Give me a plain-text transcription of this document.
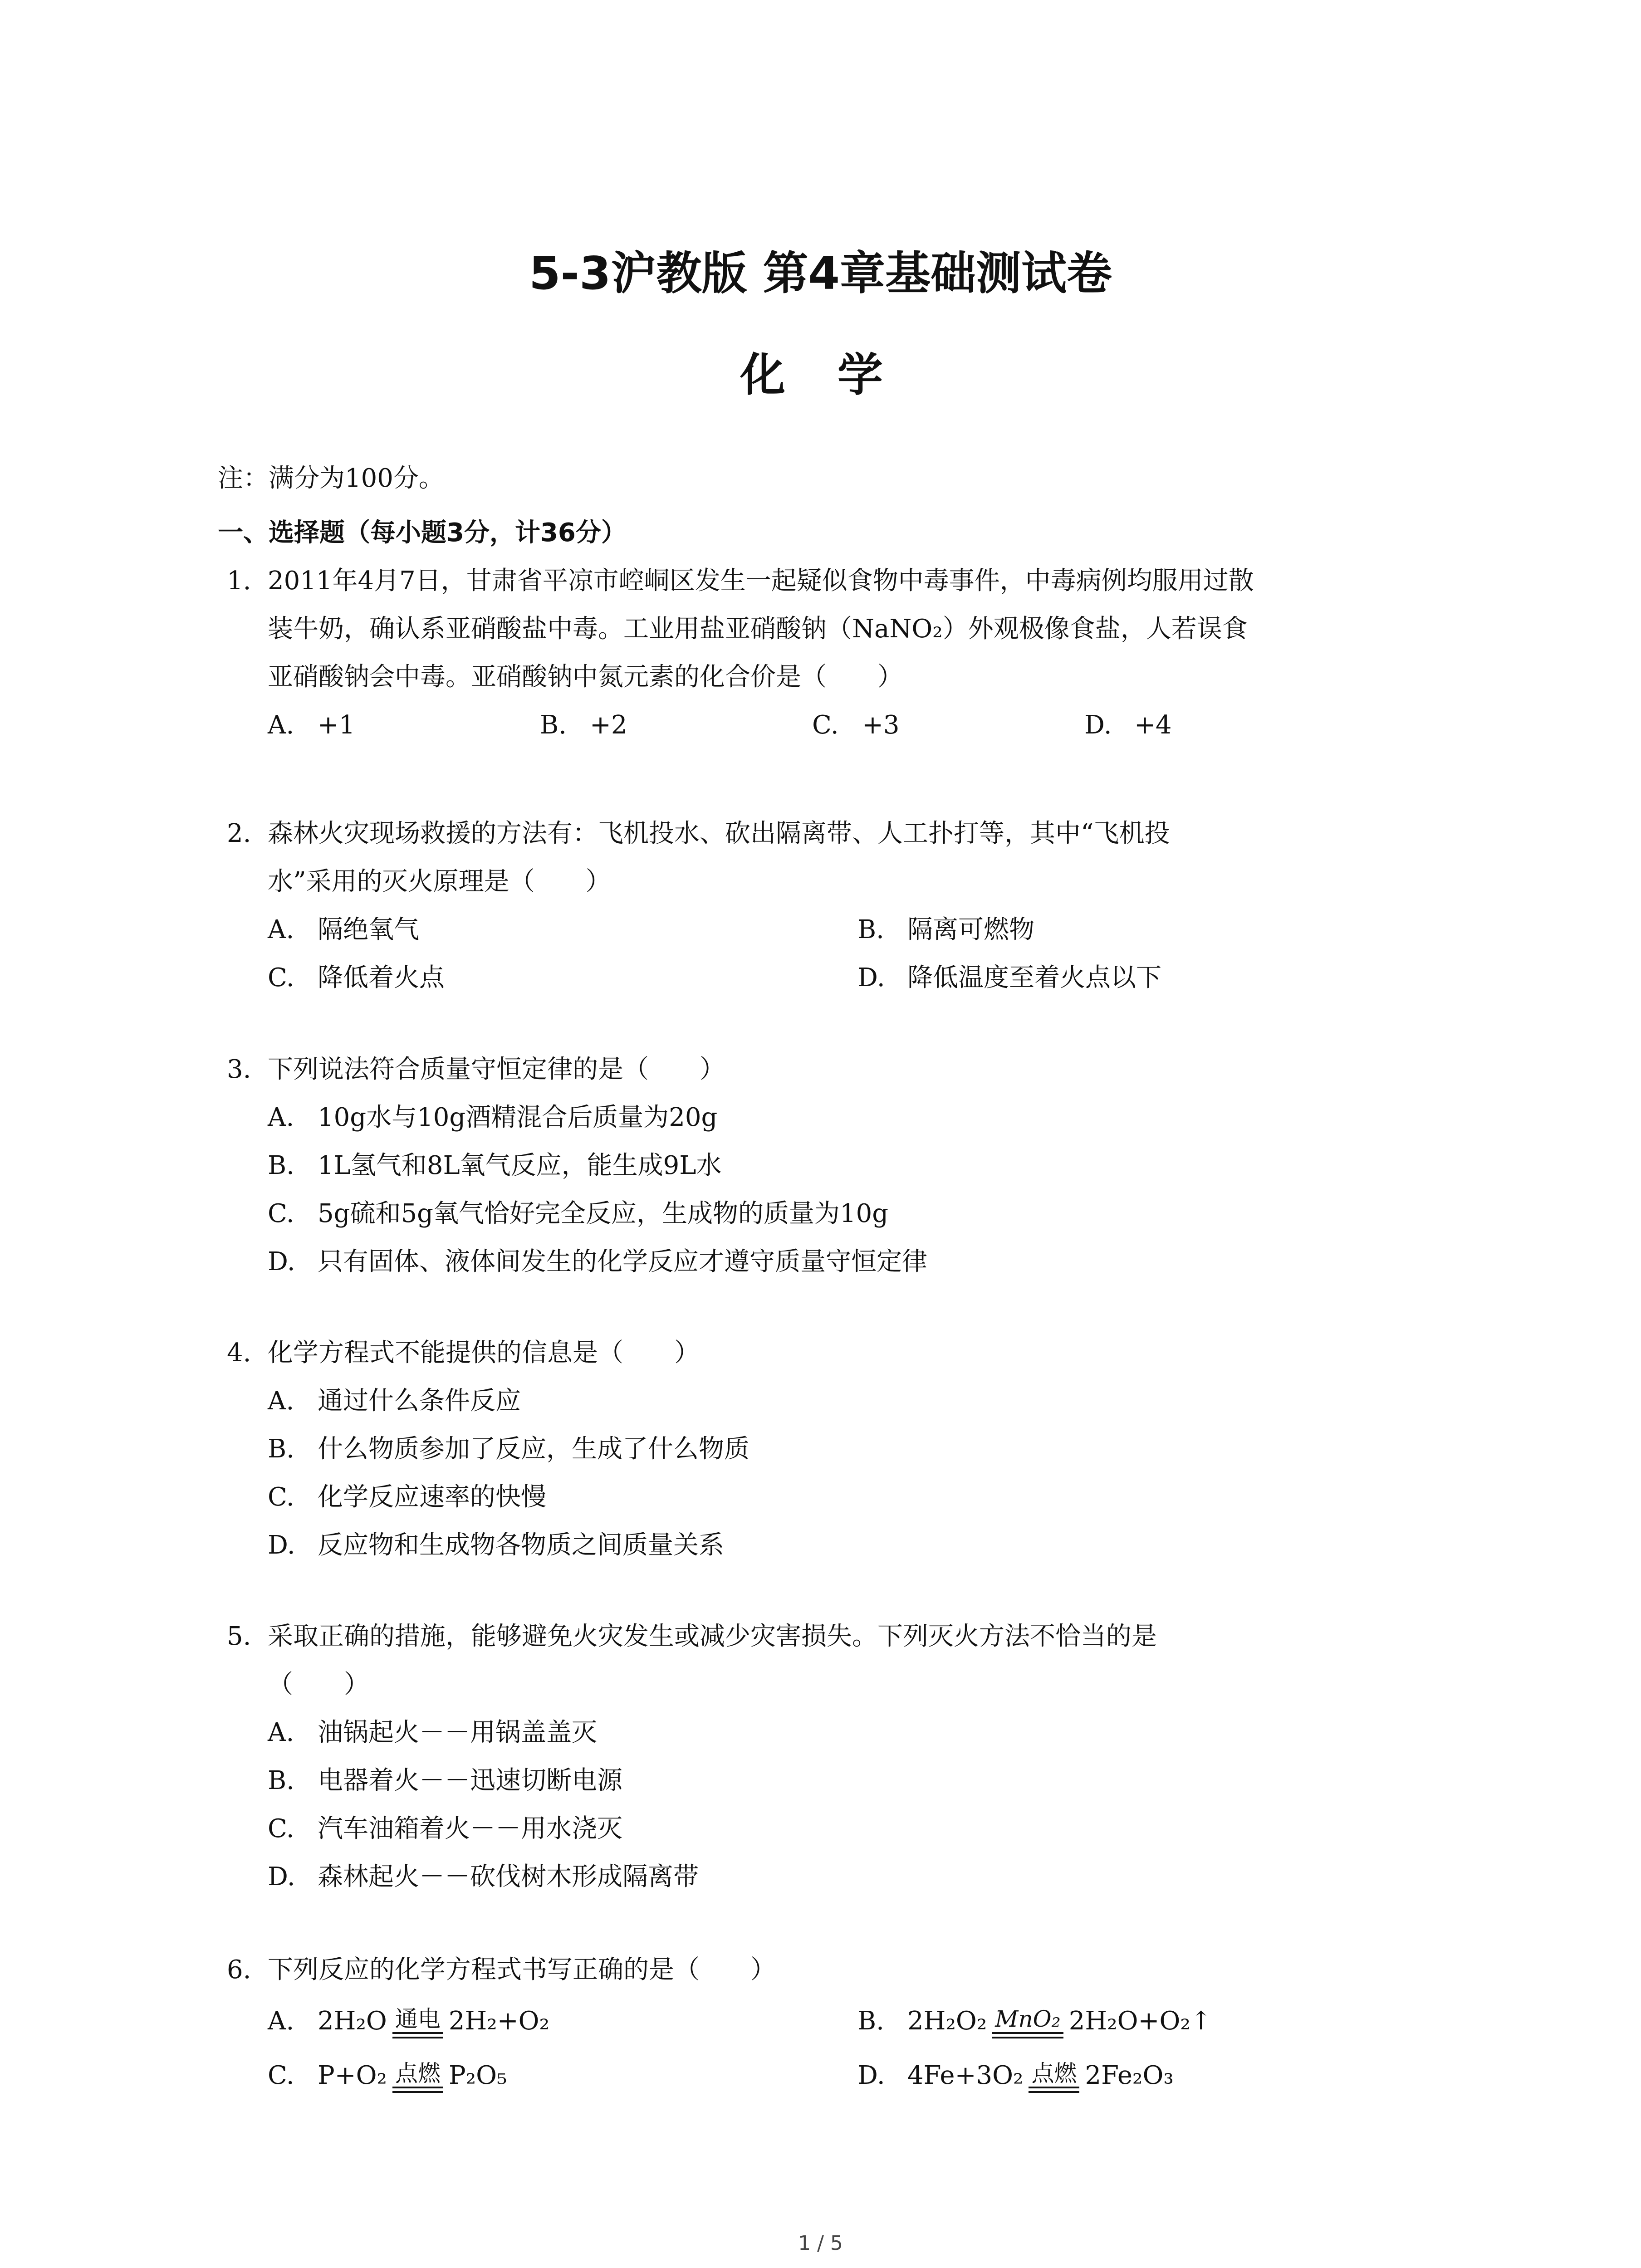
5-3沪教版 第4章基础测试卷
化 学
注：满分为100分。
一、选择题（每小题3分，计36分）
1. 2011年4月7日，甘肃省平凉市崆峒区发生一起疑似食物中毒事件，中毒病例均服用过散
装牛奶，确认系亚硝酸盐中毒。工业用盐亚硝酸钠（NaNO₂）外观极像食盐，人若误食
亚硝酸钠会中毒。亚硝酸钠中氮元素的化合价是（　　）
A. +1	B. +2	C. +3	D. +4
2. 森林火灾现场救援的方法有：飞机投水、砍出隔离带、人工扑打等，其中“飞机投
水”采用的灭火原理是（　　）
A. 隔绝氧气	B. 隔离可燃物
C. 降低着火点	D. 降低温度至着火点以下
3. 下列说法符合质量守恒定律的是（　　）
A. 10g水与10g酒精混合后质量为20g
B. 1L氢气和8L氧气反应，能生成9L水
C. 5g硫和5g氧气恰好完全反应，生成物的质量为10g
D. 只有固体、液体间发生的化学反应才遵守质量守恒定律
4. 化学方程式不能提供的信息是（　　）
A. 通过什么条件反应
B. 什么物质参加了反应，生成了什么物质
C. 化学反应速率的快慢
D. 反应物和生成物各物质之间质量关系
5. 采取正确的措施，能够避免火灾发生或减少灾害损失。下列灭火方法不恰当的是
（　　）
A. 油锅起火－－用锅盖盖灭
B. 电器着火－－迅速切断电源
C. 汽车油箱着火－－用水浇灭
D. 森林起火－－砍伐树木形成隔离带
6. 下列反应的化学方程式书写正确的是（　　）
A. 2H₂O 通电 2H₂+O₂	B. 2H₂O₂ MnO₂ 2H₂O+O₂↑
C. P+O₂ 点燃 P₂O₅	D. 4Fe+3O₂ 点燃 2Fe₂O₃
1 / 5
